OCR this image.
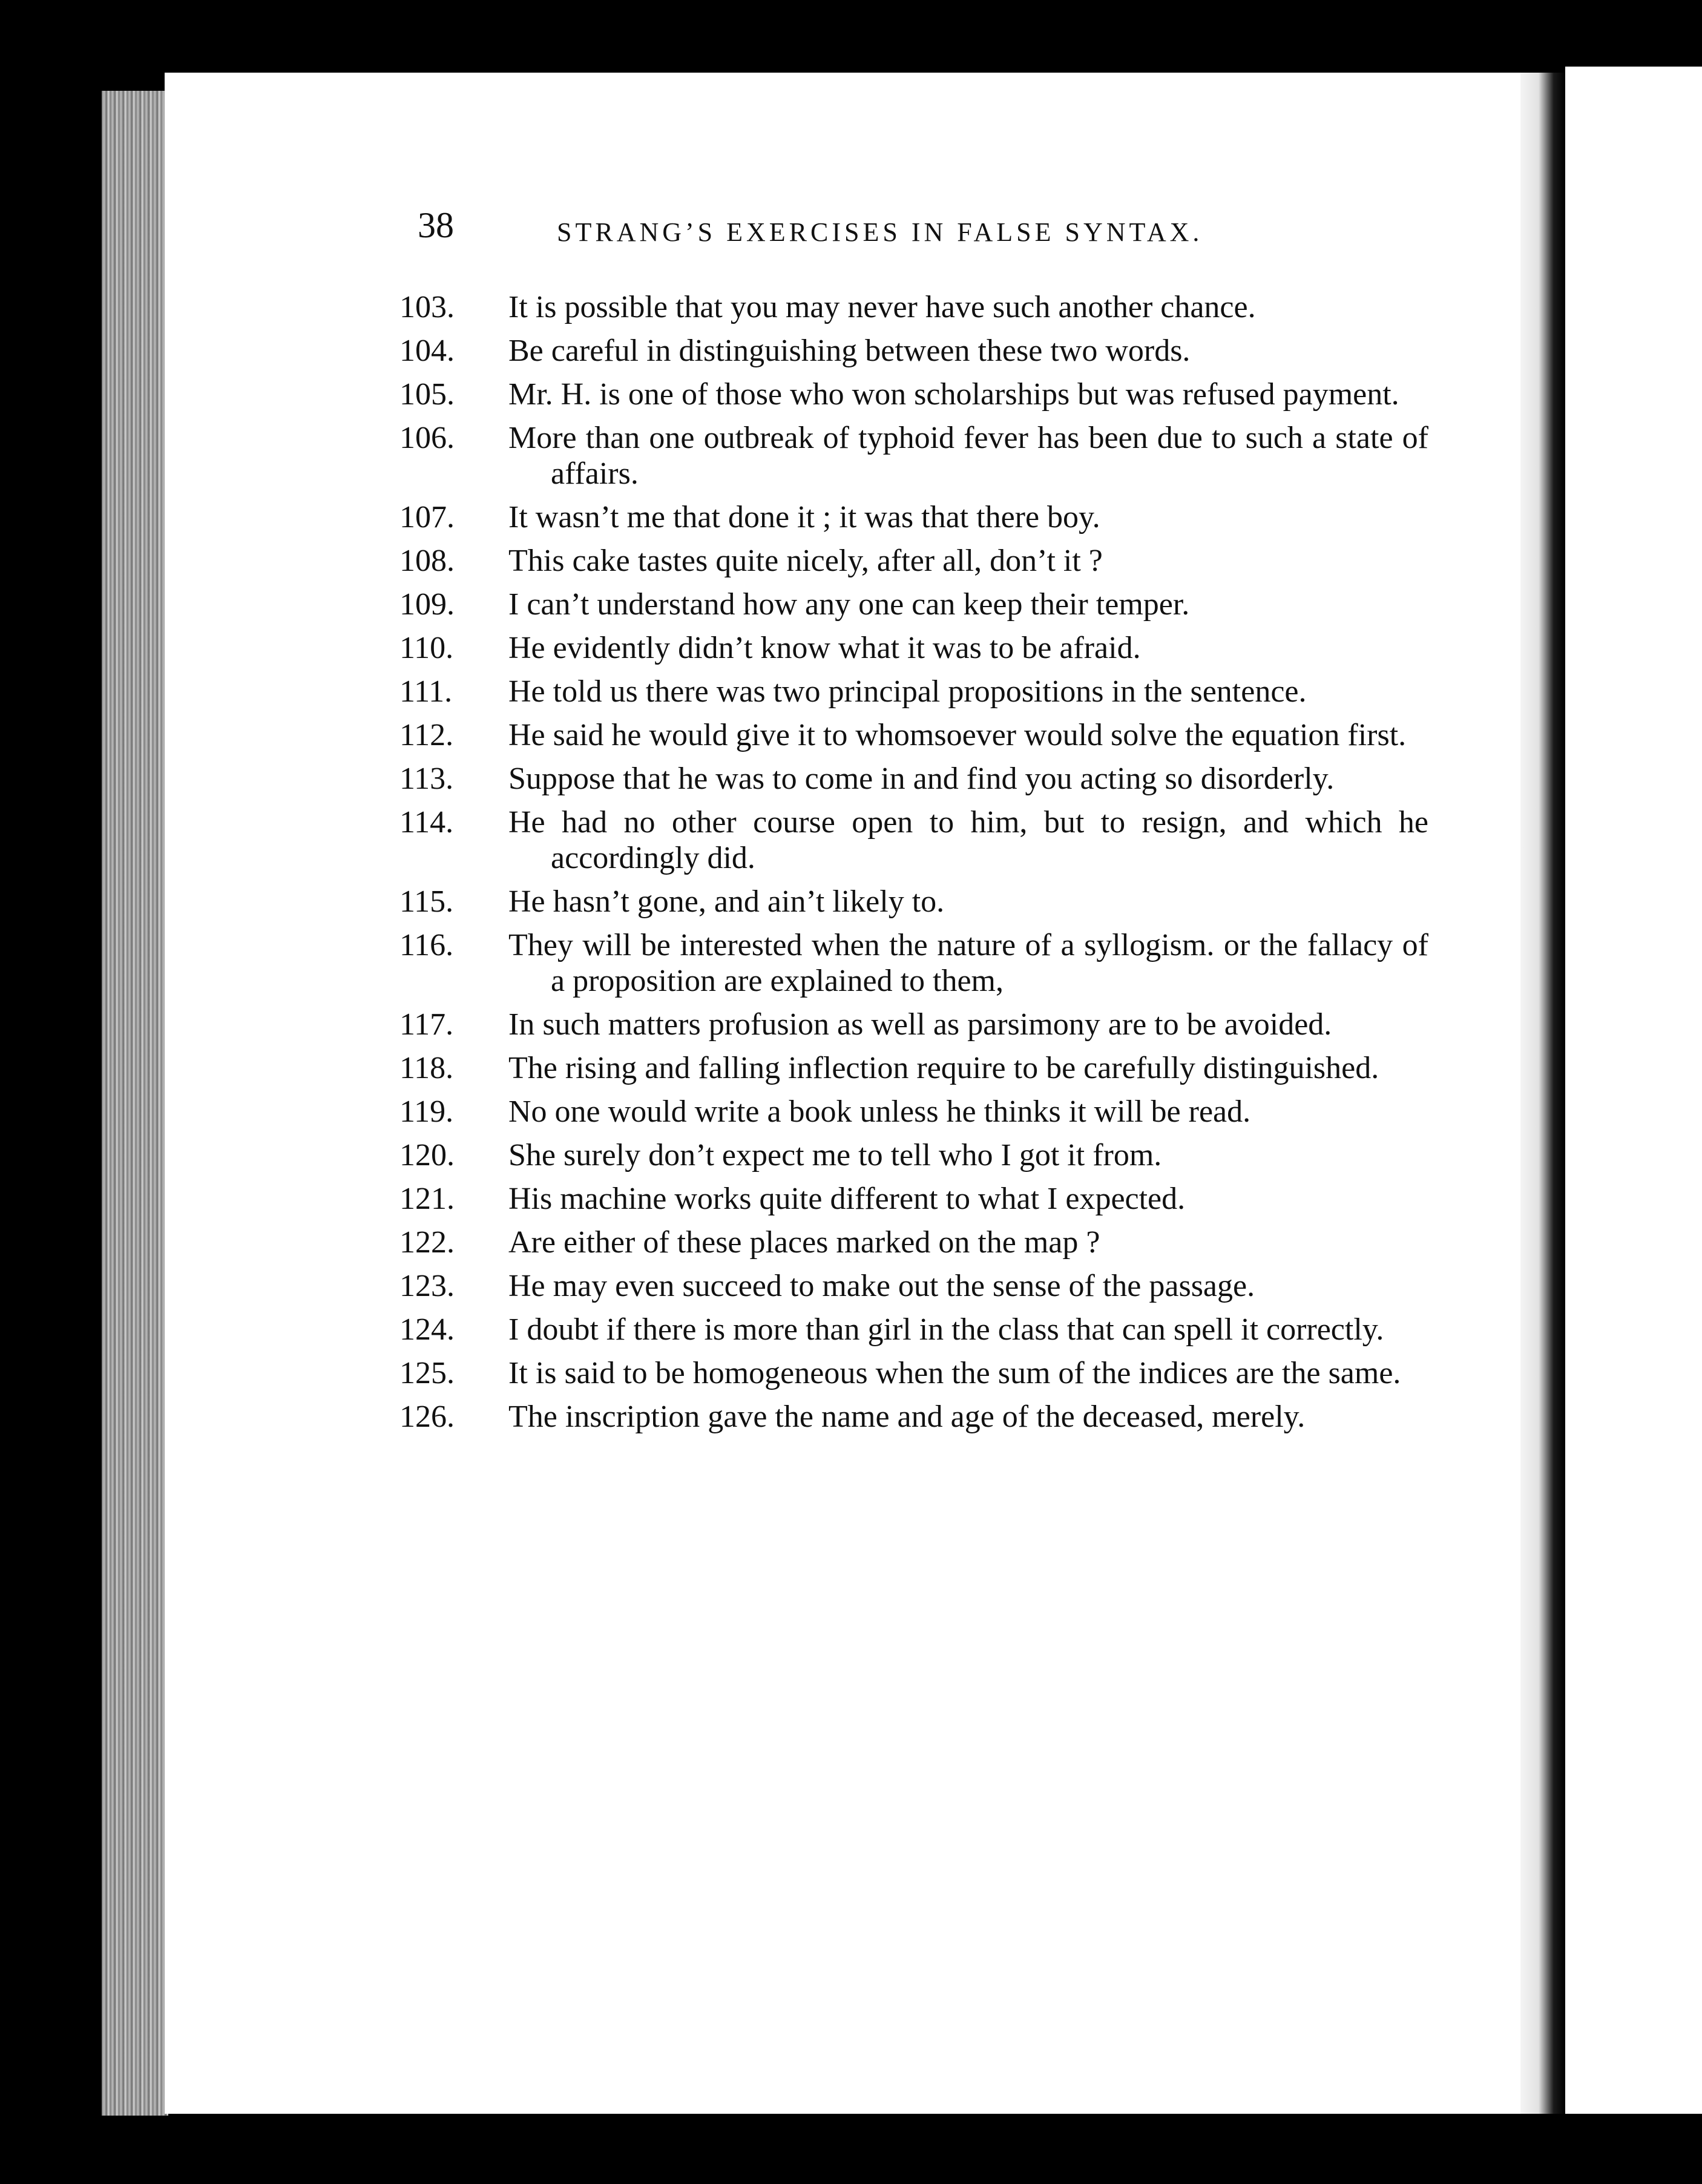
38	STRANG’S EXERCISES IN FALSE SYNTAX.
103.	It is possible that you may never have such another chance.
104.	Be careful in distinguishing between these two words.
105.	Mr. H. is one of those who won scholarships but was refused payment.
106.	More than one outbreak of typhoid fever has been due to such a state of affairs.
107.	It wasn’t me that done it ; it was that there boy.
108.	This cake tastes quite nicely, after all, don’t it ?
109.	I can’t understand how any one can keep their temper.
110.	He evidently didn’t know what it was to be afraid.
111.	He told us there was two principal propositions in the sentence.
112.	He said he would give it to whomsoever would solve the equation first.
113.	Suppose that he was to come in and find you acting so disorderly.
114.	He had no other course open to him, but to resign, and which he accordingly did.
115.	He hasn’t gone, and ain’t likely to.
116.	They will be interested when the nature of a syllogism. or the fallacy of a proposition are explained to them,
117.	In such matters profusion as well as parsimony are to be avoided.
118.	The rising and falling inflection require to be carefully distinguished.
119.	No one would write a book unless he thinks it will be read.
120.	She surely don’t expect me to tell who I got it from.
121.	His machine works quite different to what I expected.
122.	Are either of these places marked on the map ?
123.	He may even succeed to make out the sense of the passage.
124.	I doubt if there is more than girl in the class that can spell it correctly.
125.	It is said to be homogeneous when the sum of the indices are the same.
126.	The inscription gave the name and age of the deceased, merely.
